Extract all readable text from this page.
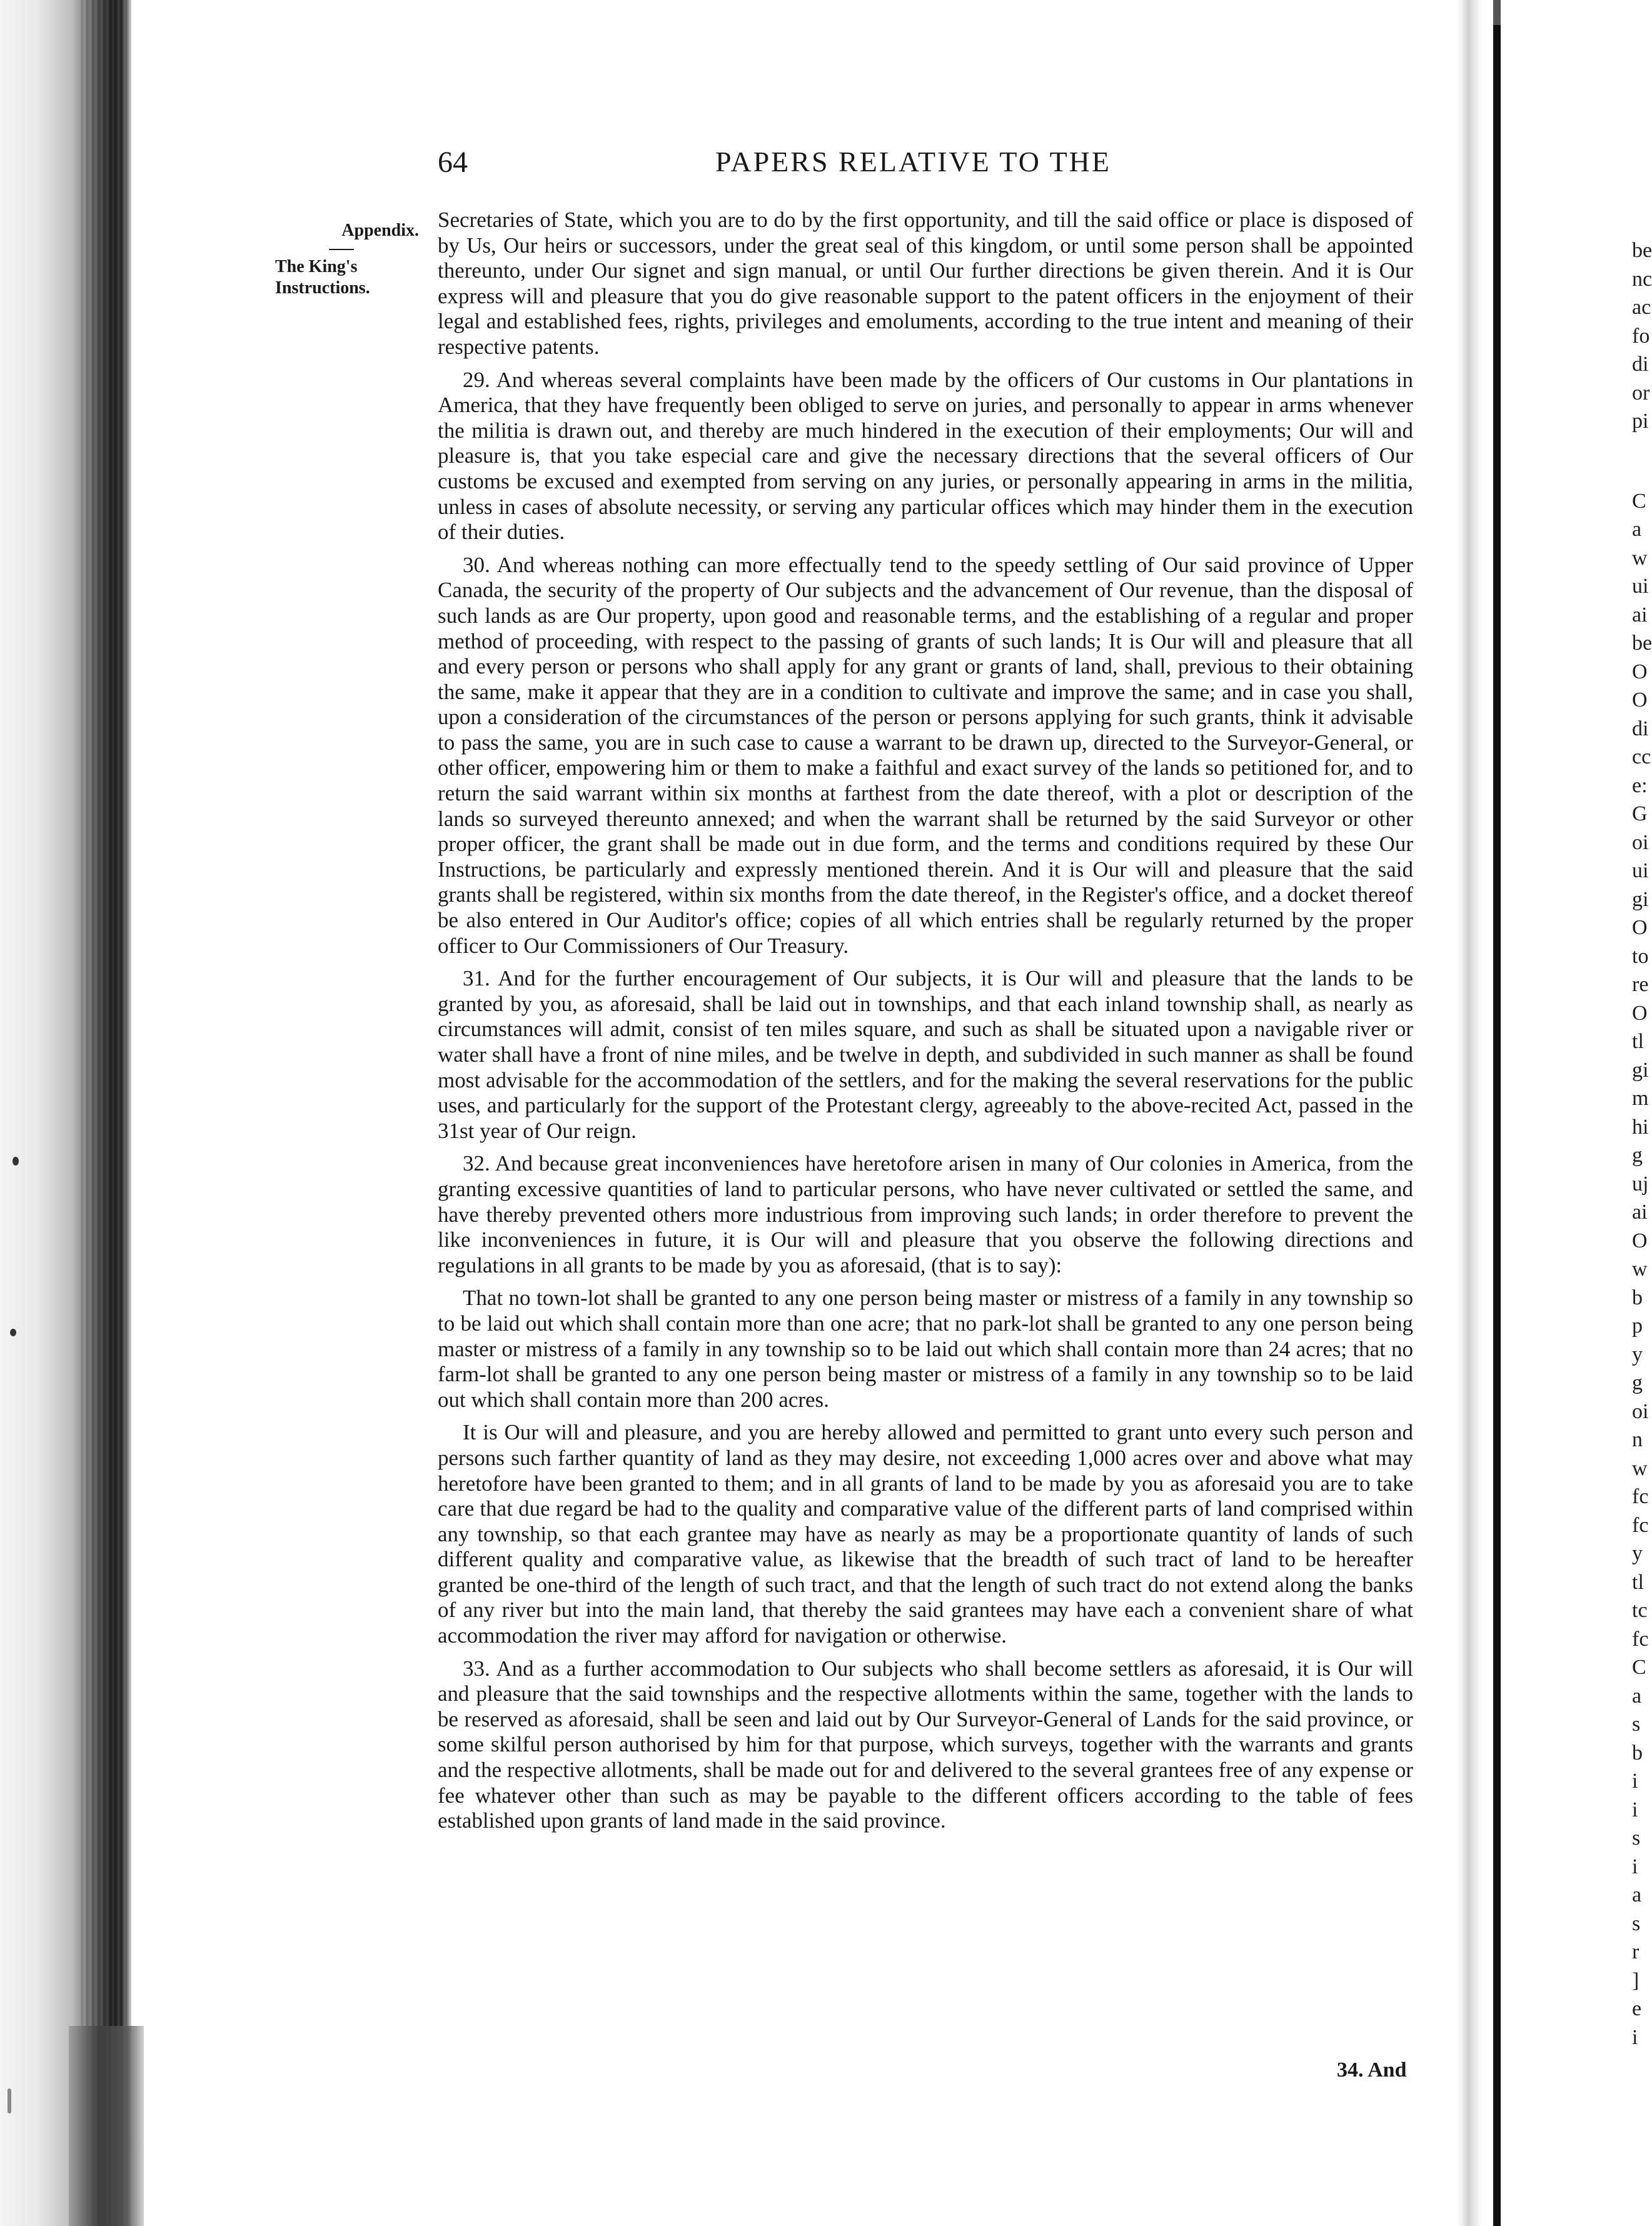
64	PAPERS RELATIVE TO THE
Appendix.
The King's Instructions.

Secretaries of State, which you are to do by the first opportunity, and till the said office or place is disposed of by Us, Our heirs or successors, under the great seal of this kingdom, or until some person shall be appointed thereunto, under Our signet and sign manual, or until Our further directions be given therein. And it is Our express will and pleasure that you do give reasonable support to the patent officers in the enjoyment of their legal and established fees, rights, privileges and emoluments, according to the true intent and meaning of their respective patents.

29. And whereas several complaints have been made by the officers of Our customs in Our plantations in America, that they have frequently been obliged to serve on juries, and personally to appear in arms whenever the militia is drawn out, and thereby are much hindered in the execution of their employments; Our will and pleasure is, that you take especial care and give the necessary directions that the several officers of Our customs be excused and exempted from serving on any juries, or personally appearing in arms in the militia, unless in cases of absolute necessity, or serving any particular offices which may hinder them in the execution of their duties.

30. And whereas nothing can more effectually tend to the speedy settling of Our said province of Upper Canada, the security of the property of Our subjects and the advancement of Our revenue, than the disposal of such lands as are Our property, upon good and reasonable terms, and the establishing of a regular and proper method of proceeding, with respect to the passing of grants of such lands; It is Our will and pleasure that all and every person or persons who shall apply for any grant or grants of land, shall, previous to their obtaining the same, make it appear that they are in a condition to cultivate and improve the same; and in case you shall, upon a consideration of the circumstances of the person or persons applying for such grants, think it advisable to pass the same, you are in such case to cause a warrant to be drawn up, directed to the Surveyor-General, or other officer, empowering him or them to make a faithful and exact survey of the lands so petitioned for, and to return the said warrant within six months at farthest from the date thereof, with a plot or description of the lands so surveyed thereunto annexed; and when the warrant shall be returned by the said Surveyor or other proper officer, the grant shall be made out in due form, and the terms and conditions required by these Our Instructions, be particularly and expressly mentioned therein. And it is Our will and pleasure that the said grants shall be registered, within six months from the date thereof, in the Register's office, and a docket thereof be also entered in Our Auditor's office; copies of all which entries shall be regularly returned by the proper officer to Our Commissioners of Our Treasury.

31. And for the further encouragement of Our subjects, it is Our will and pleasure that the lands to be granted by you, as aforesaid, shall be laid out in townships, and that each inland township shall, as nearly as circumstances will admit, consist of ten miles square, and such as shall be situated upon a navigable river or water shall have a front of nine miles, and be twelve in depth, and subdivided in such manner as shall be found most advisable for the accommodation of the settlers, and for the making the several reservations for the public uses, and particularly for the support of the Protestant clergy, agreeably to the above-recited Act, passed in the 31st year of Our reign.

32. And because great inconveniences have heretofore arisen in many of Our colonies in America, from the granting excessive quantities of land to particular persons, who have never cultivated or settled the same, and have thereby prevented others more industrious from improving such lands; in order therefore to prevent the like inconveniences in future, it is Our will and pleasure that you observe the following directions and regulations in all grants to be made by you as aforesaid, (that is to say):

That no town-lot shall be granted to any one person being master or mistress of a family in any township so to be laid out which shall contain more than one acre; that no park-lot shall be granted to any one person being master or mistress of a family in any township so to be laid out which shall contain more than 24 acres; that no farm-lot shall be granted to any one person being master or mistress of a family in any township so to be laid out which shall contain more than 200 acres.

It is Our will and pleasure, and you are hereby allowed and permitted to grant unto every such person and persons such farther quantity of land as they may desire, not exceeding 1,000 acres over and above what may heretofore have been granted to them; and in all grants of land to be made by you as aforesaid you are to take care that due regard be had to the quality and comparative value of the different parts of land comprised within any township, so that each grantee may have as nearly as may be a proportionate quantity of lands of such different quality and comparative value, as likewise that the breadth of such tract of land to be hereafter granted be one-third of the length of such tract, and that the length of such tract do not extend along the banks of any river but into the main land, that thereby the said grantees may have each a convenient share of what accommodation the river may afford for navigation or otherwise.

33. And as a further accommodation to Our subjects who shall become settlers as aforesaid, it is Our will and pleasure that the said townships and the respective allotments within the same, together with the lands to be reserved as aforesaid, shall be seen and laid out by Our Surveyor-General of Lands for the said province, or some skilful person authorised by him for that purpose, which surveys, together with the warrants and grants and the respective allotments, shall be made out for and delivered to the several grantees free of any expense or fee whatever other than such as may be payable to the different officers according to the table of fees established upon grants of land made in the said province.

34. And
be
nc
ac
fo
di
or
pi
C
a
w
ui
ai
be
O
O
di
cc
e:
G
oi
ui
gi
O
to
re
O
tl
gi
m
hi
g
uj
ai
O
w
b
p
y
g
oi
n
w
fc
fc
y
tl
tc
fc
C
a
s
b
i
i
s
i
a
s
r
]
e
i
